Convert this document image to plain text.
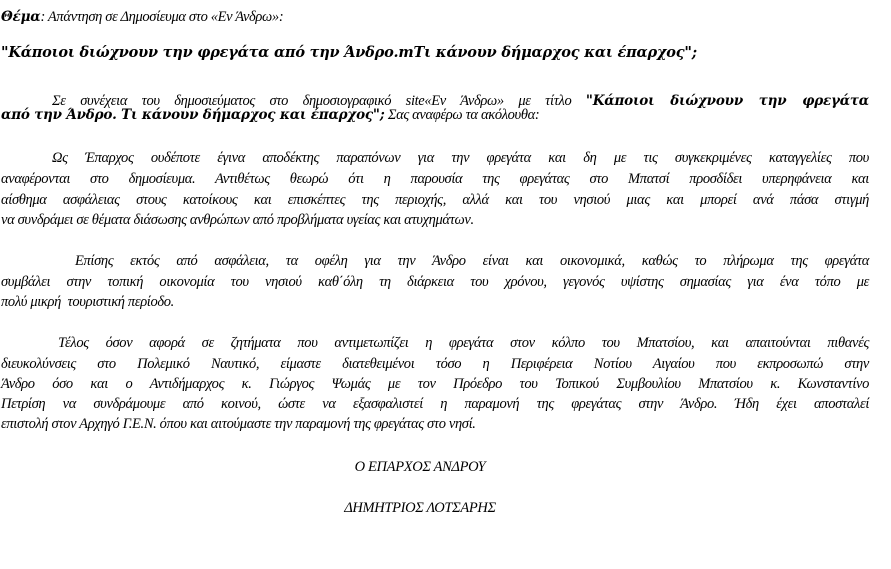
Θέμα: Απάντηση σε Δημοσίευμα στο «Εν Άνδρω»:
"Κάποιοι διώχνουν την φρεγάτα από την Άνδρο.mΤι κάνουν δήμαρχος και έπαρχος";
Σε συνέχεια του δημοσιεύματος στο δημοσιογραφικό site«Εν Άνδρω» με τίτλο "Κάποιοι διώχνουν την φρεγάτα
από την Άνδρο. Τι κάνουν δήμαρχος και έπαρχος"; Σας αναφέρω τα ακόλουθα:
Ως Έπαρχος ουδέποτε έγινα αποδέκτης παραπόνων για την φρεγάτα και δη με τις συγκεκριμένες καταγγελίες που
αναφέρονται στο δημοσίευμα. Αντιθέτως θεωρώ ότι η παρουσία της φρεγάτας στο Μπατσί προσδίδει υπερηφάνεια και
αίσθημα ασφάλειας στους κατοίκους και επισκέπτες της περιοχής, αλλά και του νησιού μιας και μπορεί ανά πάσα στιγμή
να συνδράμει σε θέματα διάσωσης ανθρώπων από προβλήματα υγείας και ατυχημάτων.
Επίσης εκτός από ασφάλεια, τα οφέλη για την Άνδρο είναι και οικονομικά, καθώς το πλήρωμα της φρεγάτα
συμβάλει στην τοπική οικονομία του νησιού καθ΄όλη τη διάρκεια του χρόνου, γεγονός υψίστης σημασίας για ένα τόπο με
πολύ μικρή  τουριστική περίοδο.
Τέλος όσον αφορά σε ζητήματα που αντιμετωπίζει η φρεγάτα στον κόλπο του Μπατσίου, και απαιτούνται πιθανές
διευκολύνσεις στο Πολεμικό Ναυτικό, είμαστε διατεθειμένοι τόσο η Περιφέρεια Νοτίου Αιγαίου που εκπροσωπώ στην
Άνδρο όσο και ο Αντιδήμαρχος κ. Γιώργος Ψωμάς με τον Πρόεδρο του Τοπικού Συμβουλίου Μπατσίου κ. Κωνσταντίνο
Πετρίση να συνδράμουμε από κοινού, ώστε να εξασφαλιστεί η παραμονή της φρεγάτας στην Άνδρο. Ήδη έχει αποσταλεί
επιστολή στον Αρχηγό Γ.Ε.Ν. όπου και αιτούμαστε την παραμονή της φρεγάτας στο νησί.
Ο ΕΠΑΡΧΟΣ ΑΝΔΡΟΥ
ΔΗΜΗΤΡΙΟΣ ΛΟΤΣΑΡΗΣ
